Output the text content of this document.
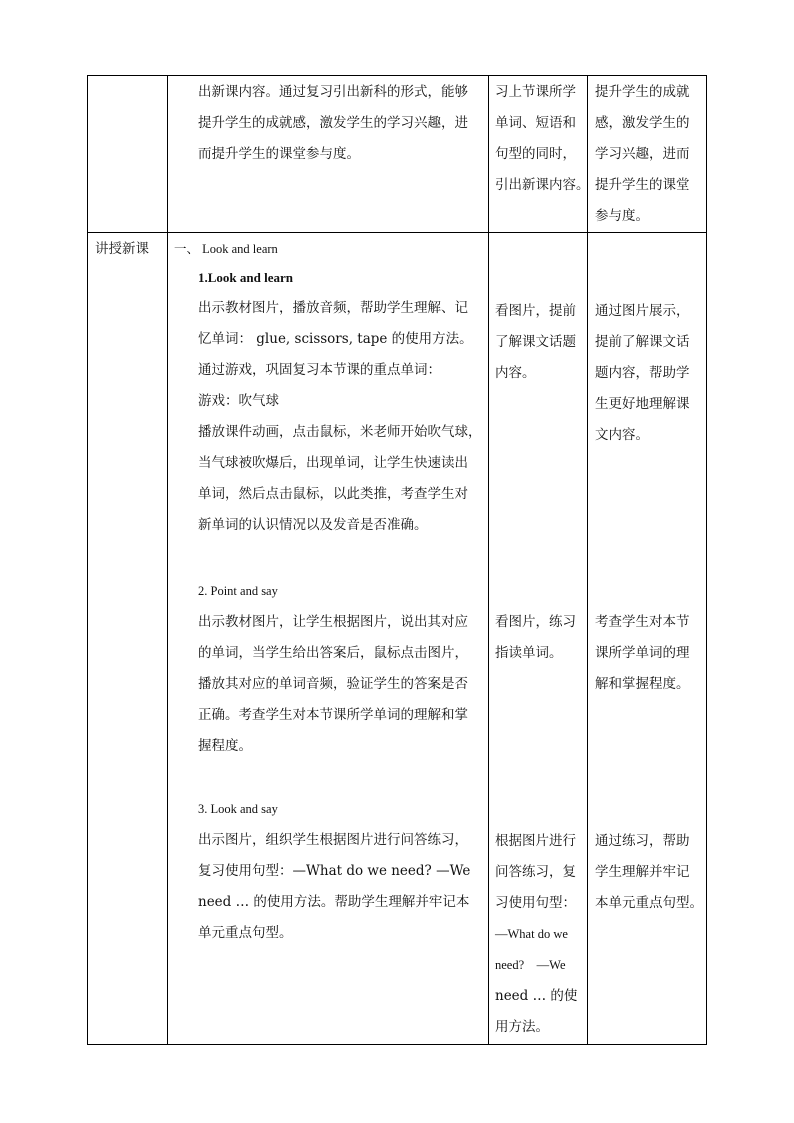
出新课内容。通过复习引出新科的形式，能够

提升学生的成就感，激发学生的学习兴趣，进

而提升学生的课堂参与度。

习上节课所学

单词、短语和

句型的同时，

引出新课内容。

提升学生的成就

感，激发学生的

学习兴趣，进而

提升学生的课堂

参与度。

讲授新课 一、 Look and learn

1.Look and learn

出示教材图片，播放音频，帮助学生理解、记

忆单词： glue, scissors, tape 的使用方法。

通过游戏，巩固复习本节课的重点单词：

游戏：吹气球

播放课件动画，点击鼠标，米老师开始吹气球，

当气球被吹爆后，出现单词，让学生快速读出

单词，然后点击鼠标，以此类推，考查学生对

新单词的认识情况以及发音是否准确。

2. Point and say

出示教材图片，让学生根据图片，说出其对应

的单词，当学生给出答案后，鼠标点击图片，

播放其对应的单词音频，验证学生的答案是否

正确。考查学生对本节课所学单词的理解和掌

握程度。

3. Look and say

出示图片，组织学生根据图片进行问答练习，

复习使用句型：—What do we need? —We

need … 的使用方法。帮助学生理解并牢记本

单元重点句型。

看图片，提前

了解课文话题

内容。

看图片，练习

指读单词。

根据图片进行

问答练习，复

习使用句型：

—What do we

need?    —We

need … 的使

用方法。

通过图片展示，

提前了解课文话

题内容，帮助学

生更好地理解课

文内容。

考查学生对本节

课所学单词的理

解和掌握程度。

通过练习，帮助

学生理解并牢记

本单元重点句型。
